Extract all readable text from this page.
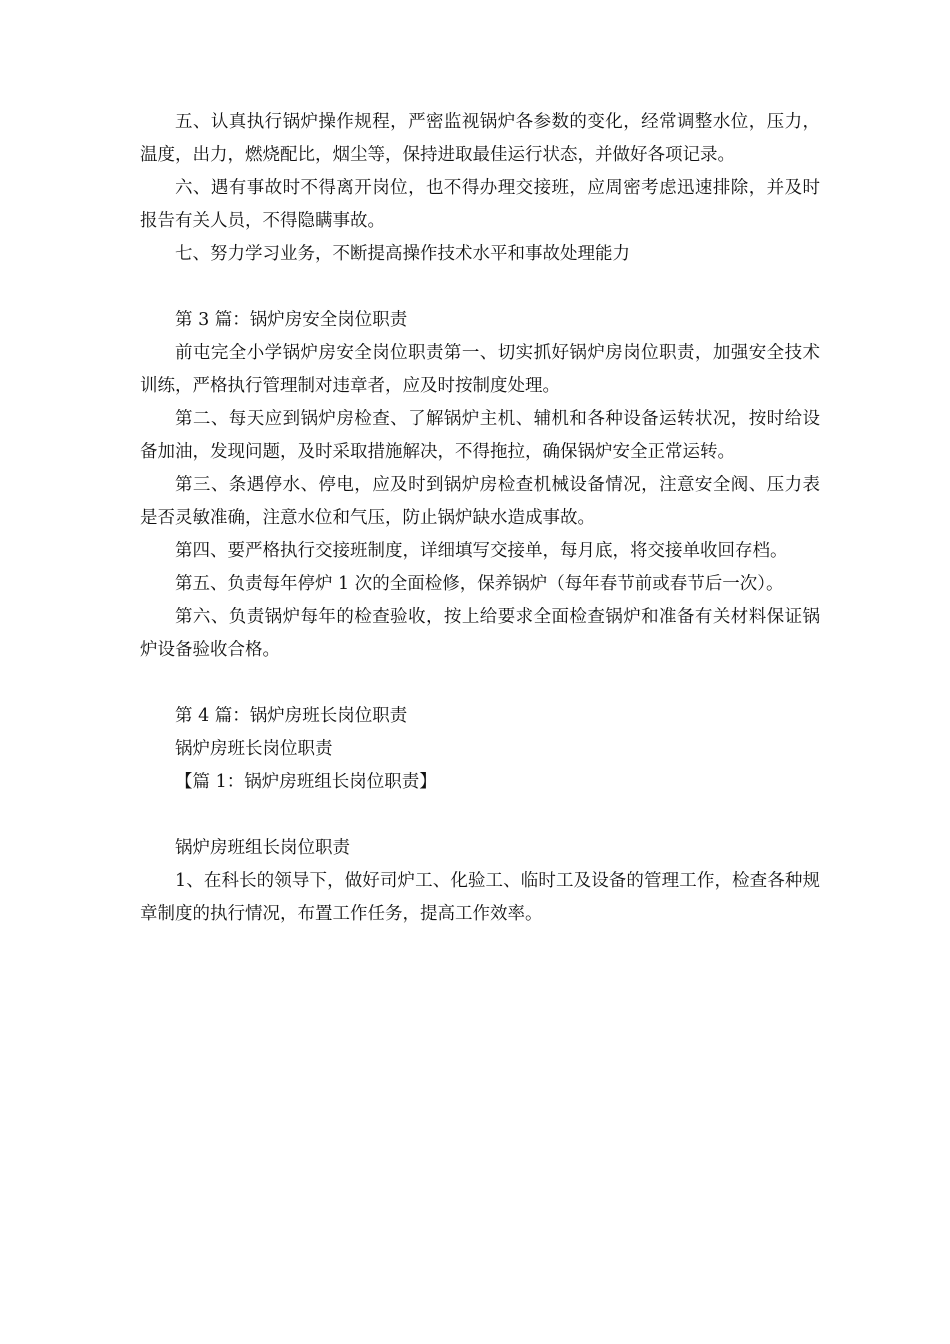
五、认真执行锅炉操作规程，严密监视锅炉各参数的变化，经常调整水位，压力，温度，出力，燃烧配比，烟尘等，保持进取最佳运行状态，并做好各项记录。

六、遇有事故时不得离开岗位，也不得办理交接班，应周密考虑迅速排除，并及时报告有关人员，不得隐瞒事故。

七、努力学习业务，不断提高操作技术水平和事故处理能力

第 3 篇：锅炉房安全岗位职责

前屯完全小学锅炉房安全岗位职责第一、切实抓好锅炉房岗位职责，加强安全技术训练，严格执行管理制对违章者，应及时按制度处理。

第二、每天应到锅炉房检查、了解锅炉主机、辅机和各种设备运转状况，按时给设备加油，发现问题，及时采取措施解决，不得拖拉，确保锅炉安全正常运转。

第三、条遇停水、停电，应及时到锅炉房检查机械设备情况，注意安全阀、压力表是否灵敏准确，注意水位和气压，防止锅炉缺水造成事故。

第四、要严格执行交接班制度，详细填写交接单，每月底，将交接单收回存档。

第五、负责每年停炉 1 次的全面检修，保养锅炉（每年春节前或春节后一次）。

第六、负责锅炉每年的检查验收，按上给要求全面检查锅炉和准备有关材料保证锅炉设备验收合格。

第 4 篇：锅炉房班长岗位职责

锅炉房班长岗位职责

【篇 1：锅炉房班组长岗位职责】

锅炉房班组长岗位职责

1、在科长的领导下，做好司炉工、化验工、临时工及设备的管理工作，检查各种规章制度的执行情况，布置工作任务，提高工作效率。
